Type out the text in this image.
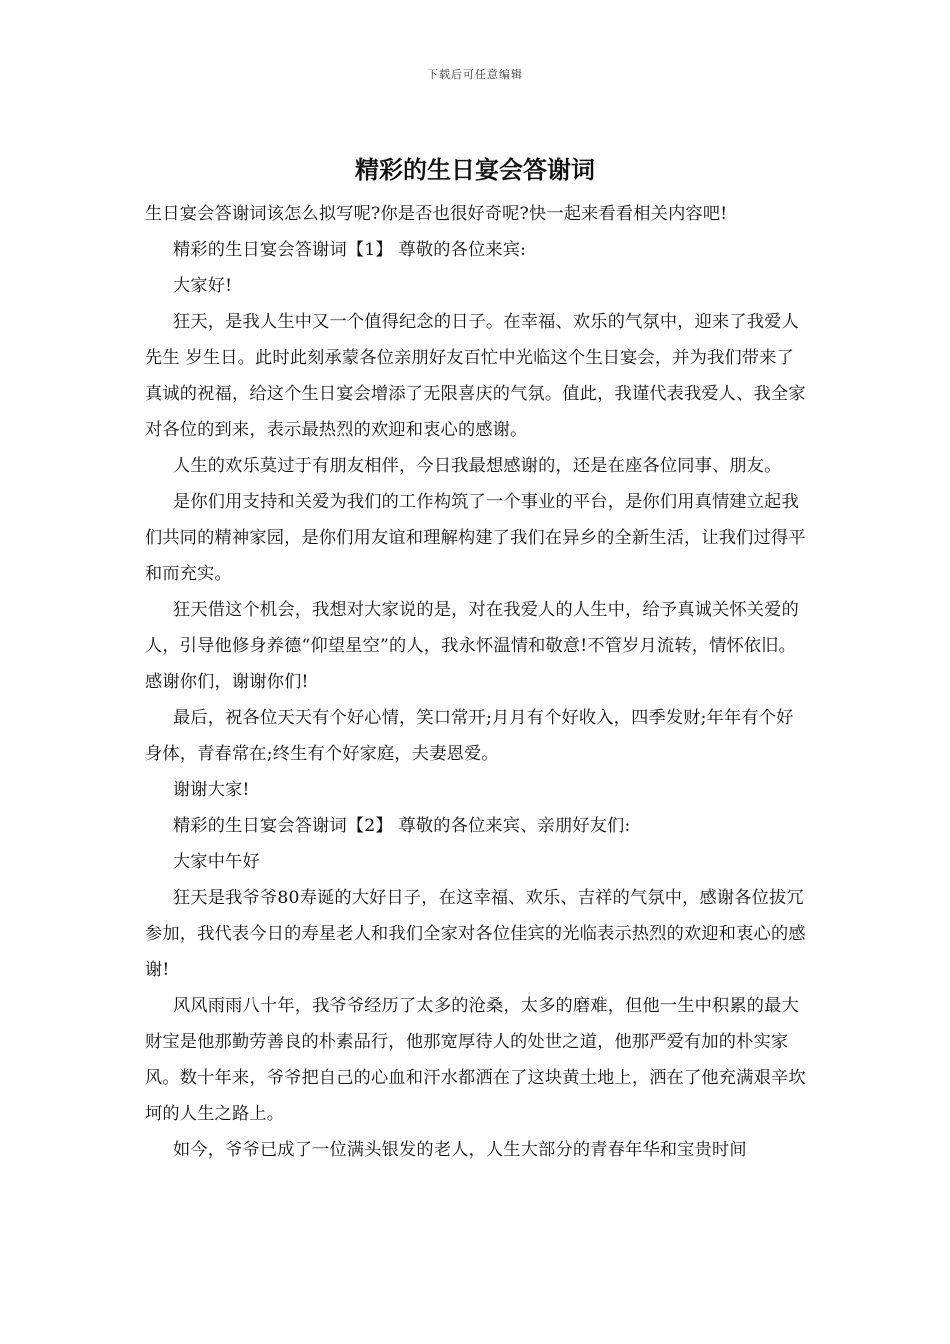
下载后可任意编辑
精彩的生日宴会答谢词

生日宴会答谢词该怎么拟写呢?你是否也很好奇呢?快一起来看看相关内容吧!

精彩的生日宴会答谢词【1】 尊敬的各位来宾:

大家好!

狂天，是我人生中又一个值得纪念的日子。在幸福、欢乐的气氛中，迎来了我爱人 先生 岁生日。此时此刻承蒙各位亲朋好友百忙中光临这个生日宴会，并为我们带来了真诚的祝福，给这个生日宴会增添了无限喜庆的气氛。值此，我谨代表我爱人、我全家对各位的到来，表示最热烈的欢迎和衷心的感谢。

人生的欢乐莫过于有朋友相伴，今日我最想感谢的，还是在座各位同事、朋友。

是你们用支持和关爱为我们的工作构筑了一个事业的平台，是你们用真情建立起我们共同的精神家园，是你们用友谊和理解构建了我们在异乡的全新生活，让我们过得平和而充实。

狂天借这个机会，我想对大家说的是，对在我爱人的人生中，给予真诚关怀关爱的人，引导他修身养德“仰望星空”的人，我永怀温情和敬意!不管岁月流转，情怀依旧。感谢你们，谢谢你们!

最后，祝各位天天有个好心情，笑口常开;月月有个好收入，四季发财;年年有个好身体，青春常在;终生有个好家庭，夫妻恩爱。

谢谢大家!

精彩的生日宴会答谢词【2】 尊敬的各位来宾、亲朋好友们:

大家中午好

狂天是我爷爷80寿诞的大好日子，在这幸福、欢乐、吉祥的气氛中，感谢各位拔冗参加，我代表今日的寿星老人和我们全家对各位佳宾的光临表示热烈的欢迎和衷心的感谢!

风风雨雨八十年，我爷爷经历了太多的沧桑，太多的磨难，但他一生中积累的最大财宝是他那勤劳善良的朴素品行，他那宽厚待人的处世之道，他那严爱有加的朴实家风。数十年来，爷爷把自己的心血和汗水都洒在了这块黄土地上，洒在了他充满艰辛坎坷的人生之路上。

如今，爷爷已成了一位满头银发的老人，人生大部分的青春年华和宝贵时间
